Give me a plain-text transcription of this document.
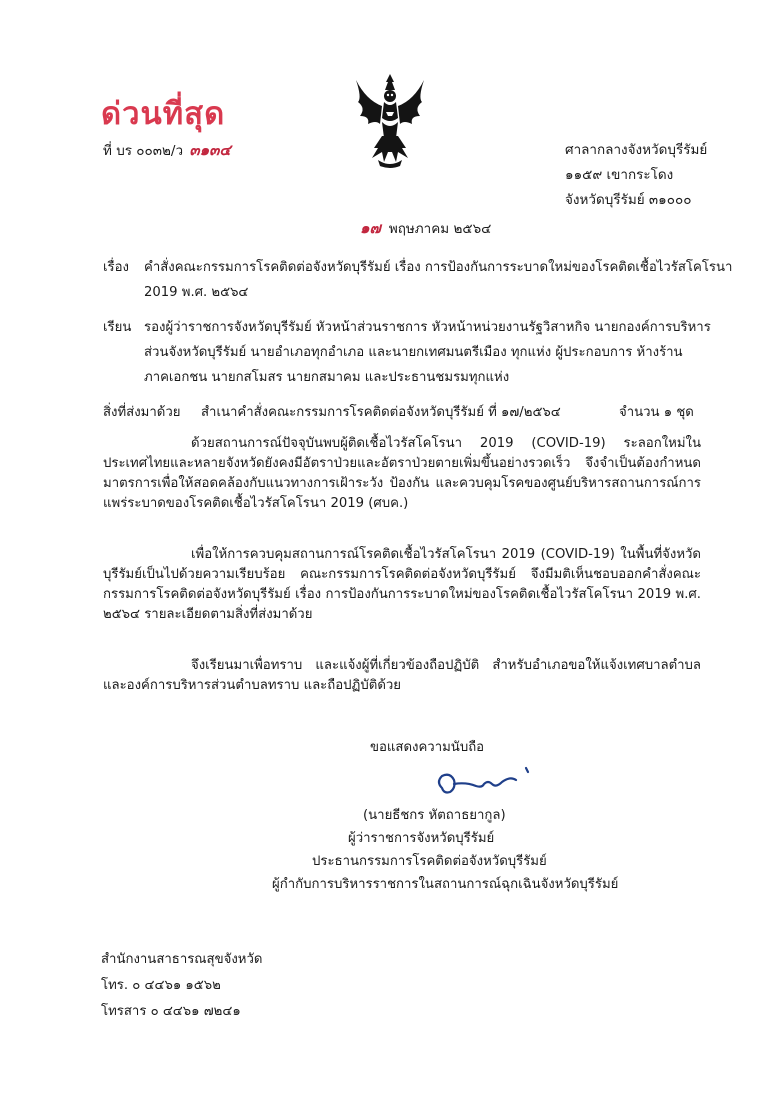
ด่วนที่สุด
ที่ บร ๐๐๓๒/ว ๓๑๓๔	ศาลากลางจังหวัดบุรีรัมย์
๑๑๕๙ เขากระโดง
จังหวัดบุรีรัมย์ ๓๑๐๐๐
๑๗ พฤษภาคม ๒๕๖๔
เรื่อง คำสั่งคณะกรรมการโรคติดต่อจังหวัดบุรีรัมย์ เรื่อง การป้องกันการระบาดใหม่ของโรคติดเชื้อไวรัสโคโรนา
2019 พ.ศ. ๒๕๖๔
เรียน รองผู้ว่าราชการจังหวัดบุรีรัมย์ หัวหน้าส่วนราชการ หัวหน้าหน่วยงานรัฐวิสาหกิจ นายกองค์การบริหาร
ส่วนจังหวัดบุรีรัมย์ นายอำเภอทุกอำเภอ และนายกเทศมนตรีเมือง ทุกแห่ง ผู้ประกอบการ ห้างร้าน
ภาคเอกชน นายกสโมสร นายกสมาคม และประธานชมรมทุกแห่ง
สิ่งที่ส่งมาด้วย สำเนาคำสั่งคณะกรรมการโรคติดต่อจังหวัดบุรีรัมย์ ที่ ๑๗/๒๕๖๔	จำนวน ๑ ชุด
ด้วยสถานการณ์ปัจจุบันพบผู้ติดเชื้อไวรัสโคโรนา 2019 (COVID-19) ระลอกใหม่ในประเทศไทยและหลายจังหวัดยังคงมีอัตราป่วยและอัตราป่วยตายเพิ่มขึ้นอย่างรวดเร็ว จึงจำเป็นต้องกำหนดมาตรการเพื่อให้สอดคล้องกับแนวทางการเฝ้าระวัง ป้องกัน และควบคุมโรคของศูนย์บริหารสถานการณ์การแพร่ระบาดของโรคติดเชื้อไวรัสโคโรนา 2019 (ศบค.)
เพื่อให้การควบคุมสถานการณ์โรคติดเชื้อไวรัสโคโรนา 2019 (COVID-19) ในพื้นที่จังหวัดบุรีรัมย์เป็นไปด้วยความเรียบร้อย คณะกรรมการโรคติดต่อจังหวัดบุรีรัมย์ จึงมีมติเห็นชอบออกคำสั่งคณะกรรมการโรคติดต่อจังหวัดบุรีรัมย์ เรื่อง การป้องกันการระบาดใหม่ของโรคติดเชื้อไวรัสโคโรนา 2019 พ.ศ. ๒๕๖๔ รายละเอียดตามสิ่งที่ส่งมาด้วย
จึงเรียนมาเพื่อทราบ และแจ้งผู้ที่เกี่ยวข้องถือปฏิบัติ สำหรับอำเภอขอให้แจ้งเทศบาลตำบลและองค์การบริหารส่วนตำบลทราบ และถือปฏิบัติด้วย
ขอแสดงความนับถือ
(นายธีชกร หัตถาธยากูล)
ผู้ว่าราชการจังหวัดบุรีรัมย์
ประธานกรรมการโรคติดต่อจังหวัดบุรีรัมย์
ผู้กำกับการบริหารราชการในสถานการณ์ฉุกเฉินจังหวัดบุรีรัมย์
สำนักงานสาธารณสุขจังหวัด
โทร. ๐ ๔๔๖๑ ๑๕๖๒
โทรสาร ๐ ๔๔๖๑ ๗๒๔๑
